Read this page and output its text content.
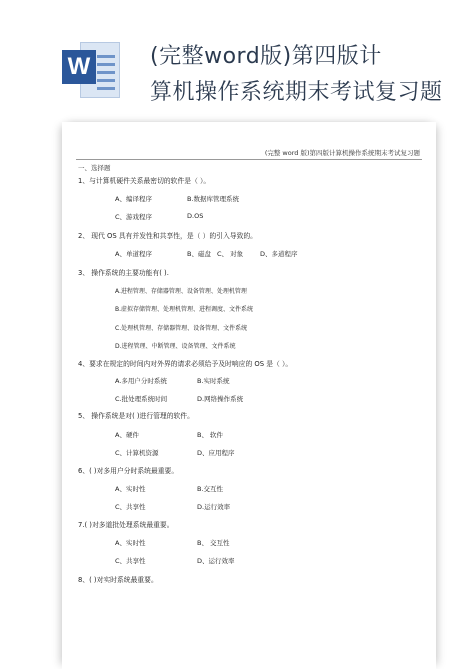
W	(完整word版)第四版计
算机操作系统期末考试复习题
(完整 word 版)第四版计算机操作系统期末考试复习题
一、选择题
1、与计算机硬件关系最密切的软件是（ ）。
A、编译程序	B.数据库管理系统
C、游戏程序	D.OS
2、 现代 OS 具有并发性和共享性，是（ ）的引入导致的。
A、单道程序	B、磁盘 C、 对象	D、多道程序
3、 操作系统的主要功能有( ).
A.进程管理、存储器管理、设备管理、处理机管理
B.虚拟存储管理、处理机管理、进程调度、文件系统
C.处理机管理、存储器管理、设备管理、文件系统
D.进程管理、中断管理、设备管理、文件系统
4、要求在规定的时间内对外界的请求必须给予及时响应的 OS 是（ ）。
A.多用户分时系统	B.实时系统
C.批处理系统时间	D.网络操作系统
5、 操作系统是对( )进行管理的软件。
A、硬件	B、 软件
C、计算机资源	D、应用程序
6、( )对多用户分时系统最重要。
A、实时性	B.交互性
C、共享性	D.运行效率
7.( )对多道批处理系统最重要。
A、实时性	B、 交互性
C、共享性	D、运行效率
8、( )对实时系统最重要。
